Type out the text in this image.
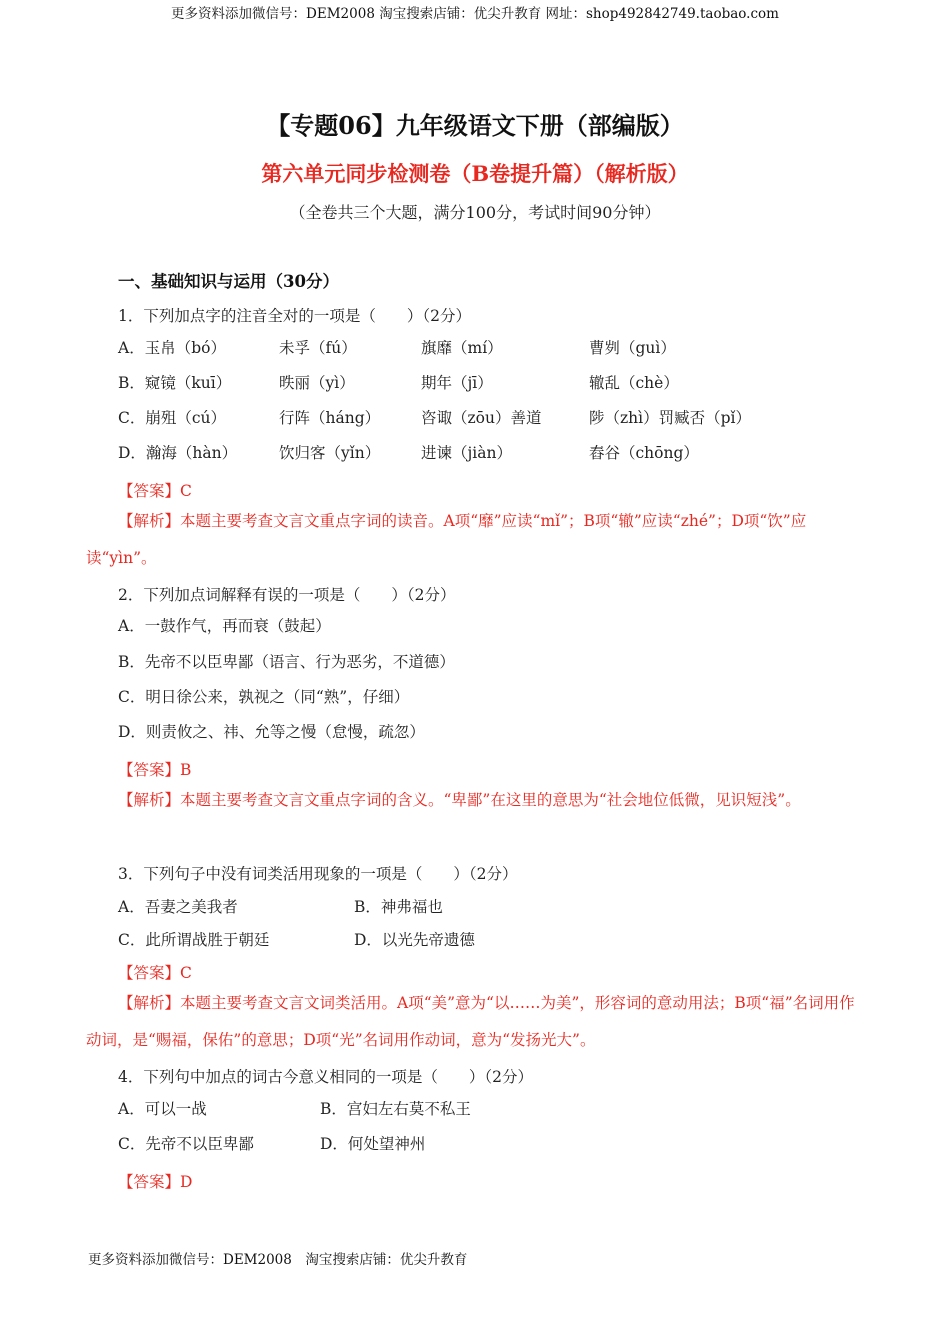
更多资料添加微信号：DEM2008 淘宝搜索店铺：优尖升教育 网址：shop492842749.taobao.com
【专题06】九年级语文下册（部编版）
第六单元同步检测卷（B卷提升篇）（解析版）
（全卷共三个大题，满分100分，考试时间90分钟）
一、基础知识与运用（30分）
1．下列加点字的注音全对的一项是（　　）（2分）
A．玉帛（bó）	未孚（fú）	旗靡（mí）	曹刿（guì）
B．窥镜（kuī）	昳丽（yì）	期年（jī）	辙乱（chè）
C．崩殂（cú）	行阵（háng）	咨诹（zōu）善道	陟（zhì）罚臧否（pǐ）
D．瀚海（hàn）	饮归客（yǐn）	进谏（jiàn）	舂谷（chōng）
【答案】C
【解析】本题主要考查文言文重点字词的读音。A项“靡”应读“mǐ”；B项“辙”应读“zhé”；D项“饮”应读“yìn”。
2．下列加点词解释有误的一项是（　　）（2分）
A．一鼓作气，再而衰（鼓起）
B．先帝不以臣卑鄙（语言、行为恶劣，不道德）
C．明日徐公来，孰视之（同“熟”，仔细）
D．则责攸之、祎、允等之慢（怠慢，疏忽）
【答案】B
【解析】本题主要考查文言文重点字词的含义。“卑鄙”在这里的意思为“社会地位低微，见识短浅”。
3．下列句子中没有词类活用现象的一项是（　　）（2分）
A．吾妻之美我者	B．神弗福也
C．此所谓战胜于朝廷	D．以光先帝遗德
【答案】C
【解析】本题主要考查文言文词类活用。A项“美”意为“以……为美”，形容词的意动用法；B项“福”名词用作动词，是“赐福，保佑”的意思；D项“光”名词用作动词，意为“发扬光大”。
4．下列句中加点的词古今意义相同的一项是（　　）（2分）
A．可以一战	B．宫妇左右莫不私王
C．先帝不以臣卑鄙	D．何处望神州
【答案】D
更多资料添加微信号：DEM2008　淘宝搜索店铺：优尖升教育
